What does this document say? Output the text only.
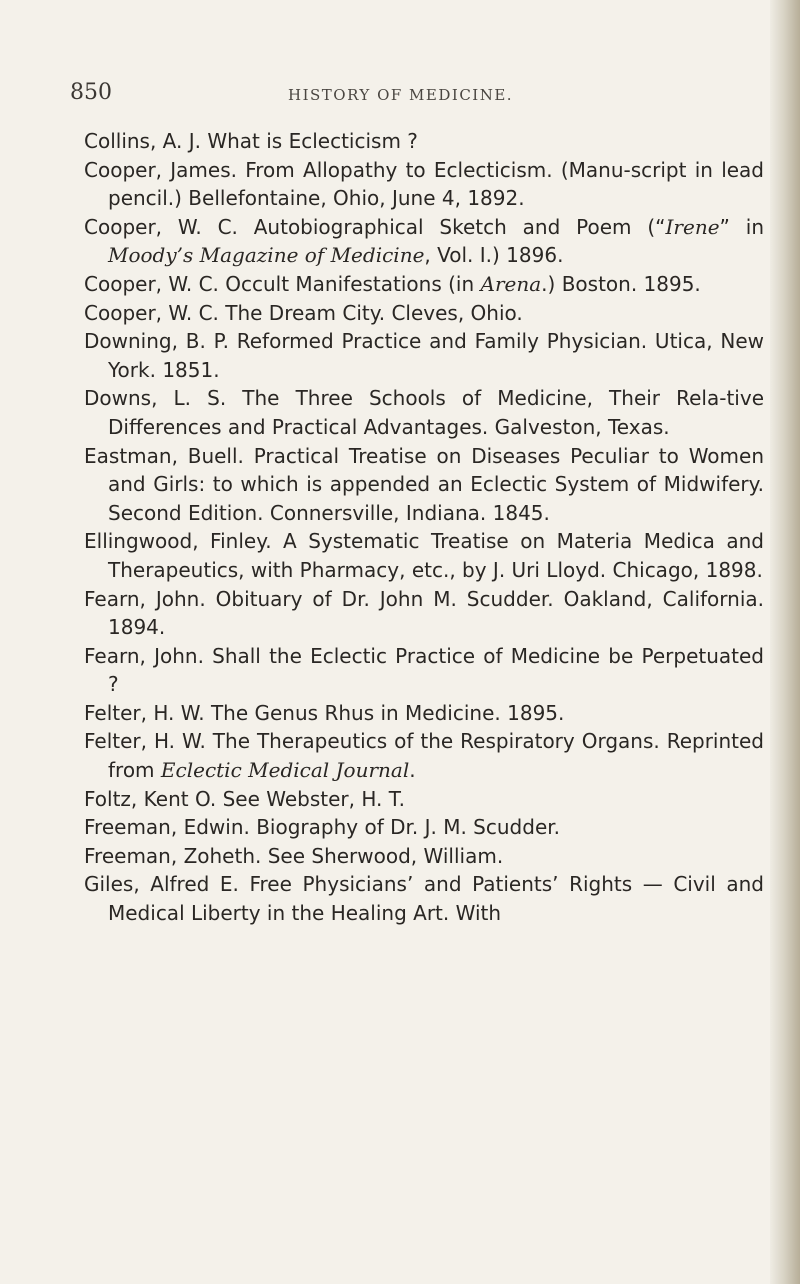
850	HISTORY OF MEDICINE.

Collins, A. J. What is Eclecticism ?

Cooper, James. From Allopathy to Eclecticism. (Manu-script in lead pencil.) Bellefontaine, Ohio, June 4, 1892.

Cooper, W. C. Autobiographical Sketch and Poem (“Irene” in Moody’s Magazine of Medicine, Vol. I.) 1896.

Cooper, W. C. Occult Manifestations (in Arena.) Boston. 1895.

Cooper, W. C. The Dream City. Cleves, Ohio.

Downing, B. P. Reformed Practice and Family Physician. Utica, New York. 1851.

Downs, L. S. The Three Schools of Medicine, Their Rela-tive Differences and Practical Advantages. Galveston, Texas.

Eastman, Buell. Practical Treatise on Diseases Peculiar to Women and Girls: to which is appended an Eclectic System of Midwifery. Second Edition. Connersville, Indiana. 1845.

Ellingwood, Finley. A Systematic Treatise on Materia Medica and Therapeutics, with Pharmacy, etc., by J. Uri Lloyd. Chicago, 1898.

Fearn, John. Obituary of Dr. John M. Scudder. Oakland, California. 1894.

Fearn, John. Shall the Eclectic Practice of Medicine be Perpetuated ?

Felter, H. W. The Genus Rhus in Medicine. 1895.

Felter, H. W. The Therapeutics of the Respiratory Organs. Reprinted from Eclectic Medical Journal.

Foltz, Kent O. See Webster, H. T.

Freeman, Edwin. Biography of Dr. J. M. Scudder.

Freeman, Zoheth. See Sherwood, William.

Giles, Alfred E. Free Physicians’ and Patients’ Rights — Civil and Medical Liberty in the Healing Art. With
